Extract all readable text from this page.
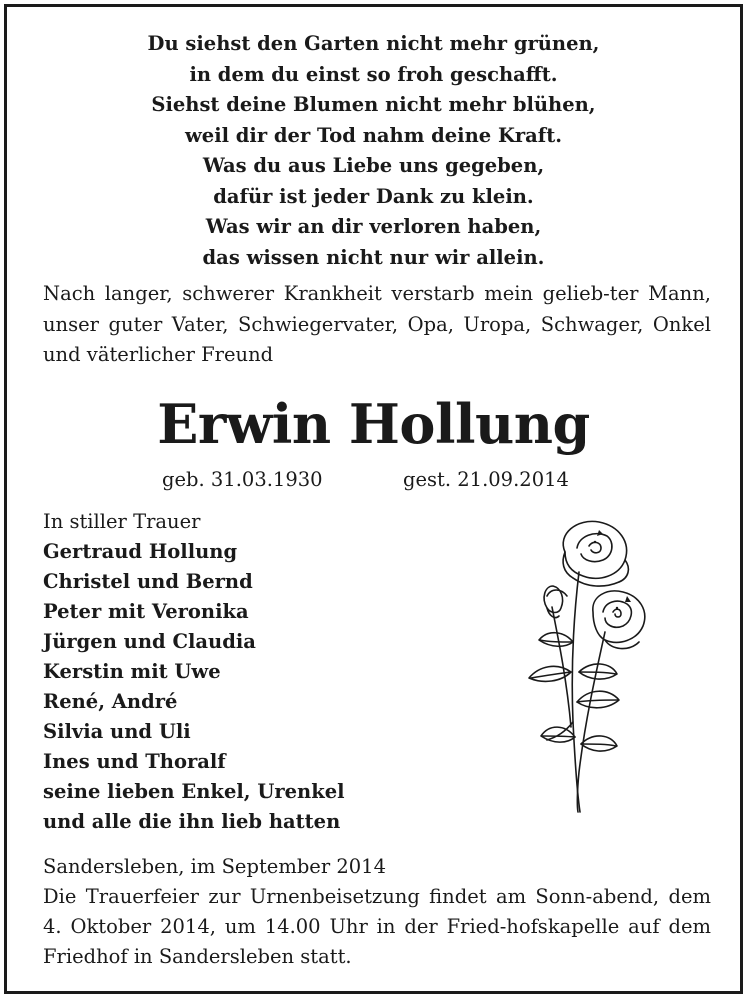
Du siehst den Garten nicht mehr grünen,
in dem du einst so froh geschafft.
Siehst deine Blumen nicht mehr blühen,
weil dir der Tod nahm deine Kraft.
Was du aus Liebe uns gegeben,
dafür ist jeder Dank zu klein.
Was wir an dir verloren haben,
das wissen nicht nur wir allein.
Nach langer, schwerer Krankheit verstarb mein gelieb-ter Mann, unser guter Vater, Schwiegervater, Opa, Uropa, Schwager, Onkel und väterlicher Freund
Erwin Hollung
geb. 31.03.1930	gest. 21.09.2014
In stiller Trauer
Gertraud Hollung
Christel und Bernd
Peter mit Veronika
Jürgen und Claudia
Kerstin mit Uwe
René, André
Silvia und Uli
Ines und Thoralf
seine lieben Enkel, Urenkel
und alle die ihn lieb hatten
Sandersleben, im September 2014
Die Trauerfeier zur Urnenbeisetzung findet am Sonn-abend, dem 4. Oktober 2014, um 14.00 Uhr in der Fried-hofskapelle auf dem Friedhof in Sandersleben statt.
